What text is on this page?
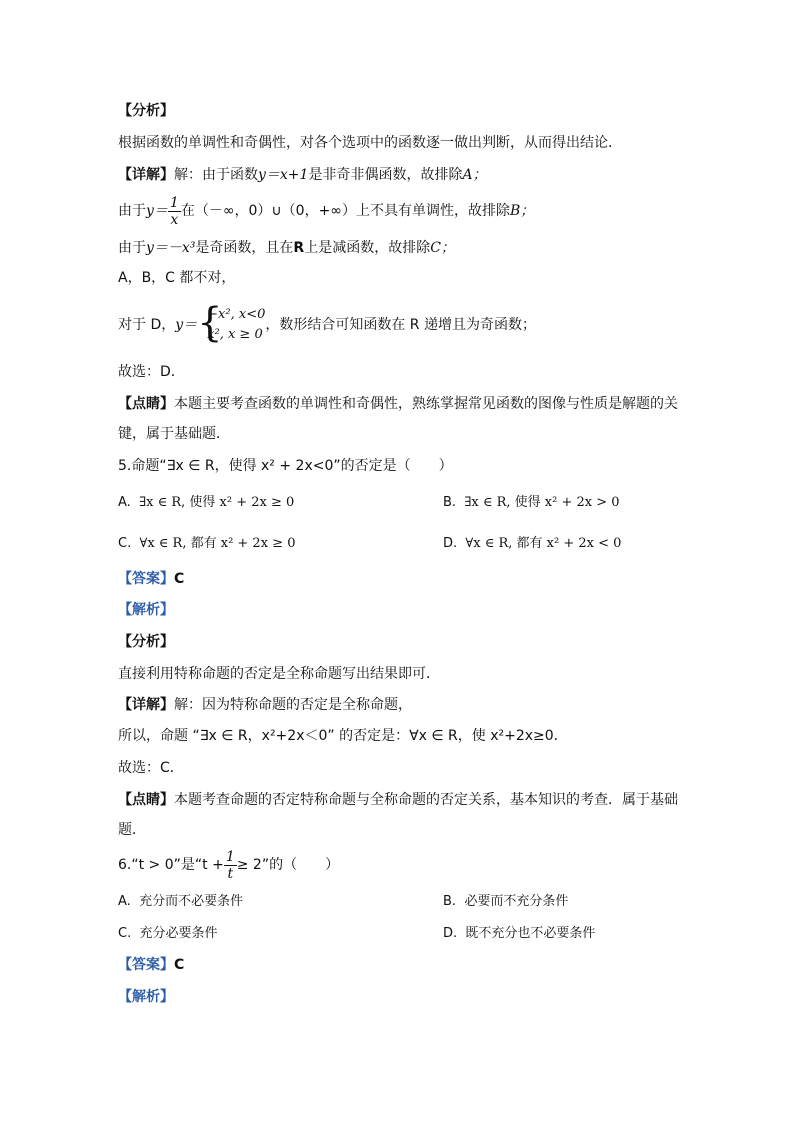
【分析】
根据函数的单调性和奇偶性，对各个选项中的函数逐一做出判断，从而得出结论．
【详解】解：由于函数y＝x+1是非奇非偶函数，故排除A；
由于$y= \frac{1}{x}$ 在（－∞，0）∪（0，+∞）上不具有单调性，故排除B；
由于y＝－x³是奇函数，且在R上是减函数，故排除C；
A，B，C 都不对，
对于 D，y＝ {
−x², x<0
x², x ≥ 0
，数形结合可知函数在 R 递增且为奇函数；
故选：D．
【点睛】本题主要考查函数的单调性和奇偶性，熟练掌握常见函数的图像与性质是解题的关
键，属于基础题．
5.命题“∃x ∈ R，使得 x² + 2x<0”的否定是（　　）
A. ∃x ∈ R, 使得 x² + 2x ≥ 0	B. ∃x ∈ R, 使得 x² + 2x > 0
C. ∀x ∈ R, 都有 x² + 2x ≥ 0	D. ∀x ∈ R, 都有 x² + 2x < 0
【答案】C
【解析】
【分析】
直接利用特称命题的否定是全称命题写出结果即可．
【详解】解：因为特称命题的否定是全称命题，
所以，命题 “∃x ∈ R，x²+2x＜0” 的否定是：∀x ∈ R，使 x²+2x≥0．
故选：C．
【点睛】本题考查命题的否定特称命题与全称命题的否定关系，基本知识的考查．属于基础
题．
6.“t > 0”是“$t + \frac{1}{t} \ge 2$”的（　　）
A. 充分而不必要条件	B. 必要而不充分条件
C. 充分必要条件	D. 既不充分也不必要条件
【答案】C
【解析】
